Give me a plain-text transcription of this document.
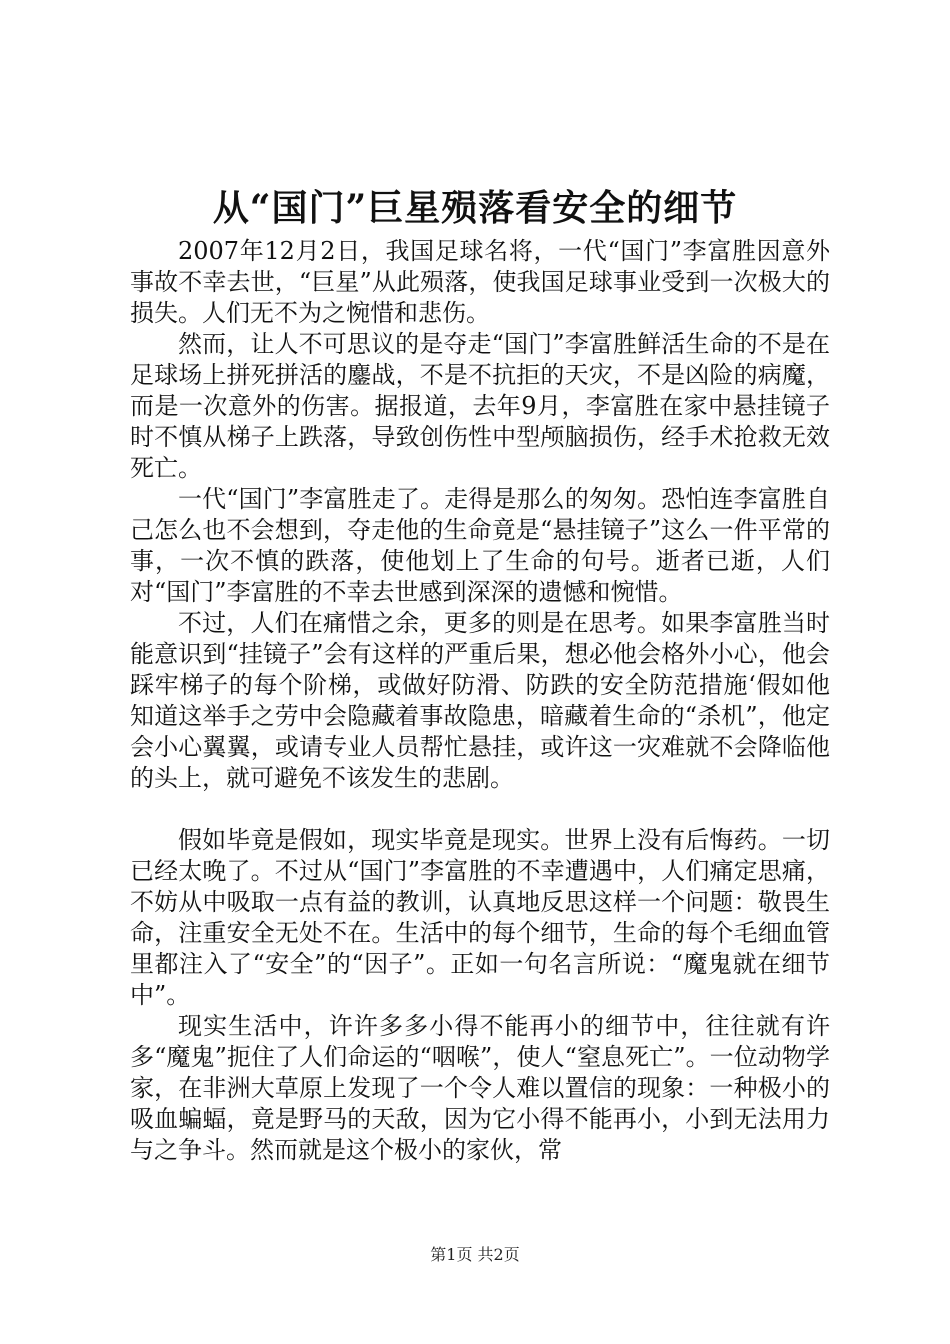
从“国门”巨星殒落看安全的细节

2007年12月2日，我国足球名将，一代“国门”李富胜因意外事故不幸去世，“巨星”从此殒落，使我国足球事业受到一次极大的损失。人们无不为之惋惜和悲伤。

然而，让人不可思议的是夺走“国门”李富胜鲜活生命的不是在足球场上拼死拼活的鏖战，不是不抗拒的天灾，不是凶险的病魔，而是一次意外的伤害。据报道，去年9月，李富胜在家中悬挂镜子时不慎从梯子上跌落，导致创伤性中型颅脑损伤，经手术抢救无效死亡。

一代“国门”李富胜走了。走得是那么的匆匆。恐怕连李富胜自己怎么也不会想到，夺走他的生命竟是“悬挂镜子”这么一件平常的事，一次不慎的跌落，使他划上了生命的句号。逝者已逝，人们对“国门”李富胜的不幸去世感到深深的遗憾和惋惜。

不过，人们在痛惜之余，更多的则是在思考。如果李富胜当时能意识到“挂镜子”会有这样的严重后果，想必他会格外小心，他会踩牢梯子的每个阶梯，或做好防滑、防跌的安全防范措施‘假如他知道这举手之劳中会隐藏着事故隐患，暗藏着生命的“杀机”，他定会小心翼翼，或请专业人员帮忙悬挂，或许这一灾难就不会降临他的头上，就可避免不该发生的悲剧。

假如毕竟是假如，现实毕竟是现实。世界上没有后悔药。一切已经太晚了。不过从“国门”李富胜的不幸遭遇中，人们痛定思痛，不妨从中吸取一点有益的教训，认真地反思这样一个问题：敬畏生命，注重安全无处不在。生活中的每个细节，生命的每个毛细血管里都注入了“安全”的“因子”。正如一句名言所说：“魔鬼就在细节中”。

现实生活中，许许多多小得不能再小的细节中，往往就有许多“魔鬼”扼住了人们命运的“咽喉”，使人“窒息死亡”。一位动物学家，在非洲大草原上发现了一个令人难以置信的现象：一种极小的吸血蝙蝠，竟是野马的天敌，因为它小得不能再小，小到无法用力与之争斗。然而就是这个极小的家伙，常

第1页 共2页
